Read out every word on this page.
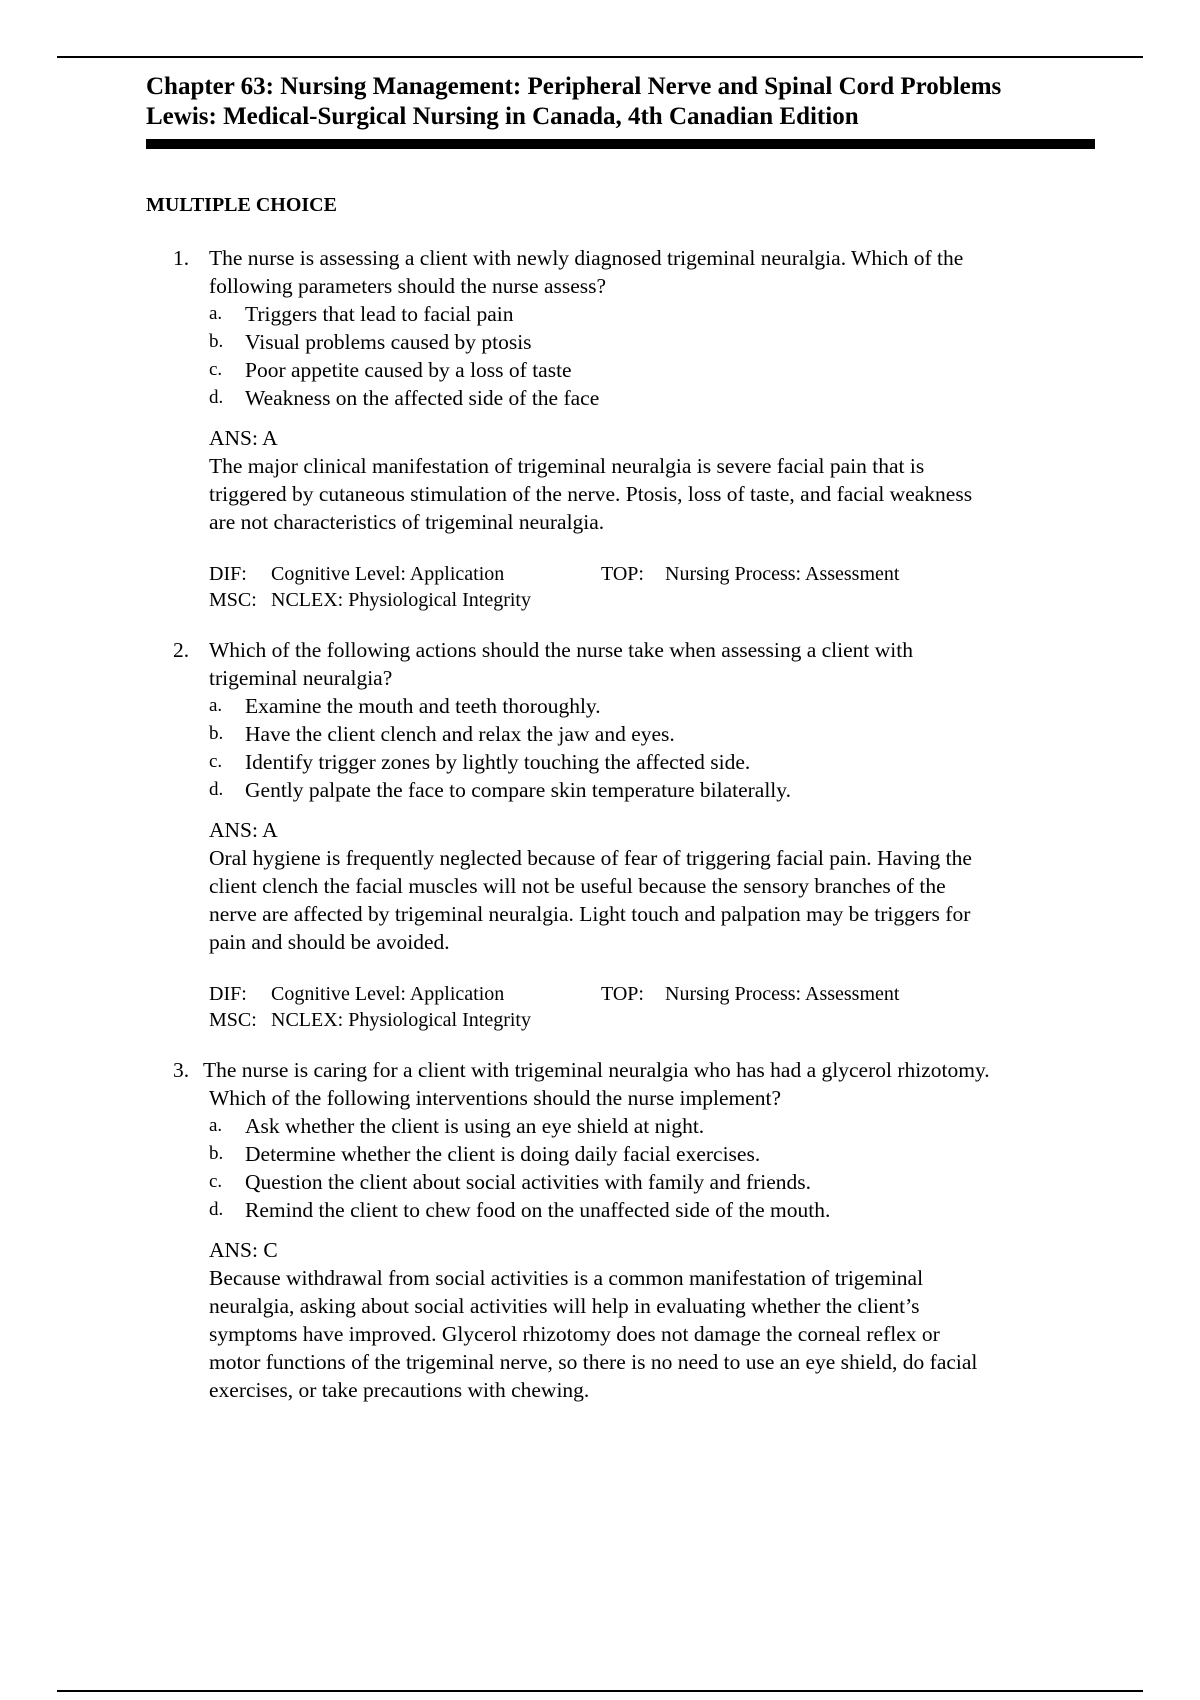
Chapter 63: Nursing Management: Peripheral Nerve and Spinal Cord Problems
Lewis: Medical-Surgical Nursing in Canada, 4th Canadian Edition
MULTIPLE CHOICE
1. The nurse is assessing a client with newly diagnosed trigeminal neuralgia. Which of the
following parameters should the nurse assess?
a. Triggers that lead to facial pain
b. Visual problems caused by ptosis
c. Poor appetite caused by a loss of taste
d. Weakness on the affected side of the face
ANS: A
The major clinical manifestation of trigeminal neuralgia is severe facial pain that is
triggered by cutaneous stimulation of the nerve. Ptosis, loss of taste, and facial weakness
are not characteristics of trigeminal neuralgia.
DIF:	Cognitive Level: Application	TOP:	Nursing Process: Assessment
MSC: NCLEX: Physiological Integrity
2. Which of the following actions should the nurse take when assessing a client with
trigeminal neuralgia?
a. Examine the mouth and teeth thoroughly.
b. Have the client clench and relax the jaw and eyes.
c. Identify trigger zones by lightly touching the affected side.
d. Gently palpate the face to compare skin temperature bilaterally.
ANS: A
Oral hygiene is frequently neglected because of fear of triggering facial pain. Having the
client clench the facial muscles will not be useful because the sensory branches of the
nerve are affected by trigeminal neuralgia. Light touch and palpation may be triggers for
pain and should be avoided.
DIF:	Cognitive Level: Application	TOP:	Nursing Process: Assessment
MSC: NCLEX: Physiological Integrity
3. The nurse is caring for a client with trigeminal neuralgia who has had a glycerol rhizotomy.
Which of the following interventions should the nurse implement?
a. Ask whether the client is using an eye shield at night.
b. Determine whether the client is doing daily facial exercises.
c. Question the client about social activities with family and friends.
d. Remind the client to chew food on the unaffected side of the mouth.
ANS: C
Because withdrawal from social activities is a common manifestation of trigeminal
neuralgia, asking about social activities will help in evaluating whether the client’s
symptoms have improved. Glycerol rhizotomy does not damage the corneal reflex or
motor functions of the trigeminal nerve, so there is no need to use an eye shield, do facial
exercises, or take precautions with chewing.
